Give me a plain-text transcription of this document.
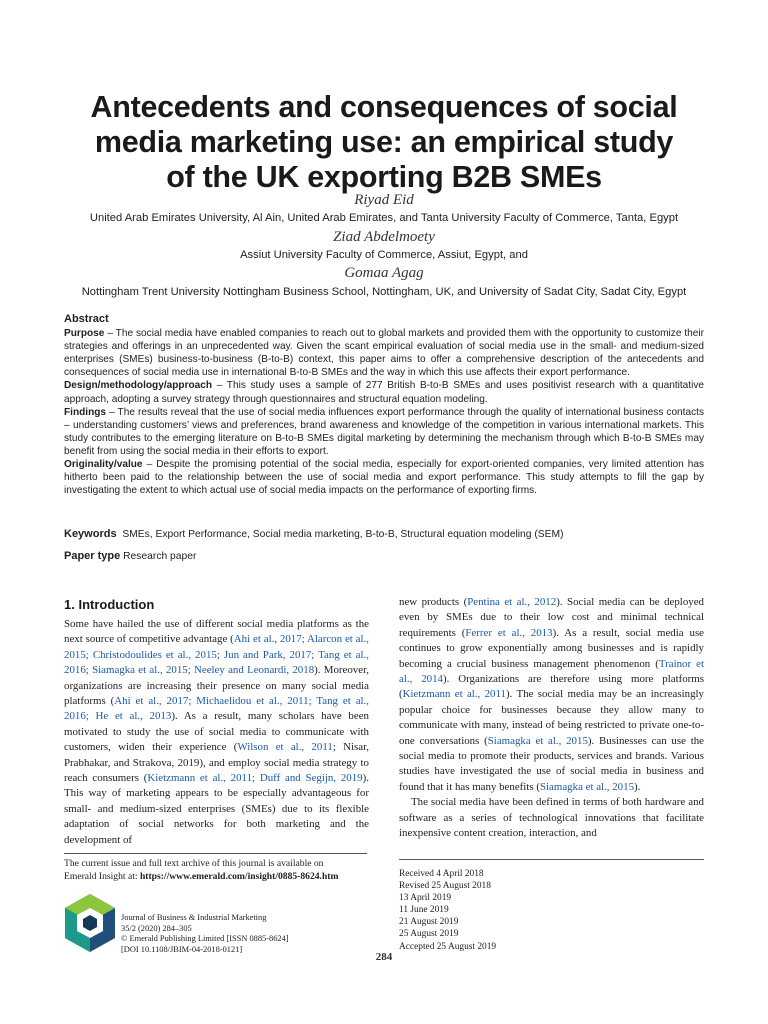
Antecedents and consequences of social
media marketing use: an empirical study
of the UK exporting B2B SMEs
Riyad Eid
United Arab Emirates University, Al Ain, United Arab Emirates, and Tanta University Faculty of Commerce, Tanta, Egypt
Ziad Abdelmoety
Assiut University Faculty of Commerce, Assiut, Egypt, and
Gomaa Agag
Nottingham Trent University Nottingham Business School, Nottingham, UK, and University of Sadat City, Sadat City, Egypt

Abstract

Purpose – The social media have enabled companies to reach out to global markets and provided them with the opportunity to customize their strategies and offerings in an unprecedented way. Given the scant empirical evaluation of social media use in the small- and medium-sized enterprises (SMEs) business-to-business (B-to-B) context, this paper aims to offer a comprehensive description of the antecedents and consequences of social media use in international B-to-B SMEs and the way in which this use affects their export performance.

Design/methodology/approach – This study uses a sample of 277 British B-to-B SMEs and uses positivist research with a quantitative approach, adopting a survey strategy through questionnaires and structural equation modeling.

Findings – The results reveal that the use of social media influences export performance through the quality of international business contacts – understanding customers’ views and preferences, brand awareness and knowledge of the competition in various international markets. This study contributes to the emerging literature on B-to-B SMEs digital marketing by determining the mechanism through which B-to-B SMEs may benefit from using the social media in their efforts to export.

Originality/value – Despite the promising potential of the social media, especially for export-oriented companies, very limited attention has hitherto been paid to the relationship between the use of social media and export performance. This study attempts to fill the gap by investigating the extent to which actual use of social media impacts on the performance of exporting firms.

Keywords SMEs, Export Performance, Social media marketing, B-to-B, Structural equation modeling (SEM)
Paper type Research paper
1. Introduction

Some have hailed the use of different social media platforms as the next source of competitive advantage (Ahi et al., 2017; Alarcon et al., 2015; Christodoulides et al., 2015; Jun and Park, 2017; Tang et al., 2016; Siamagka et al., 2015; Neeley and Leonardi, 2018). Moreover, organizations are increasing their presence on many social media platforms (Ahi et al., 2017; Michaelidou et al., 2011; Tang et al., 2016; He et al., 2013). As a result, many scholars have been motivated to study the use of social media to communicate with customers, widen their experience (Wilson et al., 2011; Nisar, Prabhakar, and Strakova, 2019), and employ social media strategy to reach consumers (Kietzmann et al., 2011; Duff and Segijn, 2019). This way of marketing appears to be especially advantageous for small- and medium-sized enterprises (SMEs) due to its flexible adaptation of social networks for both marketing and the development of

new products (Pentina et al., 2012). Social media can be deployed even by SMEs due to their low cost and minimal technical requirements (Ferrer et al., 2013). As a result, social media use continues to grow exponentially among businesses and is rapidly becoming a crucial business management phenomenon (Trainor et al., 2014). Organizations are therefore using more platforms (Kietzmann et al., 2011). The social media may be an increasingly popular choice for businesses because they allow many to communicate with many, instead of being restricted to private one-to-one conversations (Siamagka et al., 2015). Businesses can use the social media to promote their products, services and brands. Various studies have investigated the use of social media in business and found that it has many benefits (Siamagka et al., 2015).

The social media have been defined in terms of both hardware and software as a series of technological innovations that facilitate inexpensive content creation, interaction, and

The current issue and full text archive of this journal is available on
Emerald Insight at: https://www.emerald.com/insight/0885-8624.htm
Journal of Business & Industrial Marketing
35/2 (2020) 284–305
© Emerald Publishing Limited [ISSN 0885-8624]
[DOI 10.1108/JBIM-04-2018-0121]
Received 4 April 2018
Revised 25 August 2018
13 April 2019
11 June 2019
21 August 2019
25 August 2019
Accepted 25 August 2019
284
